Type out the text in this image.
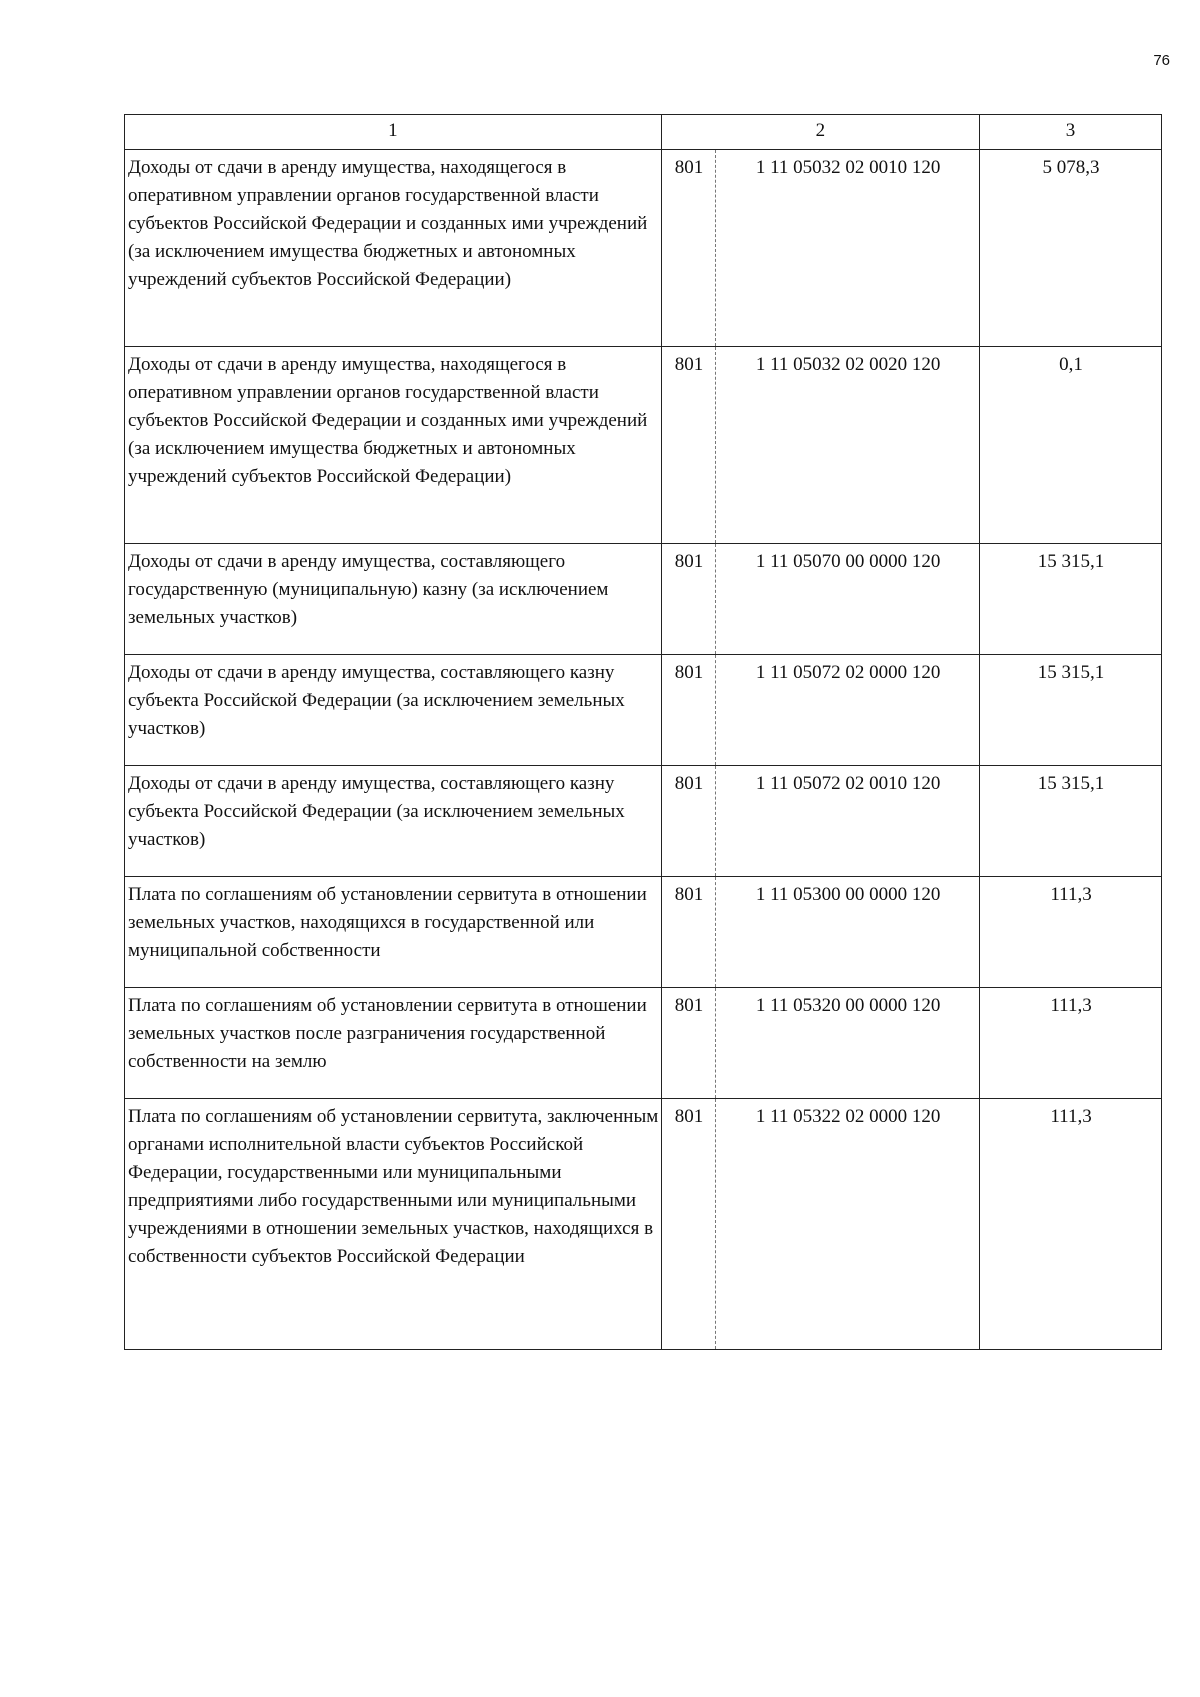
76
1	2		3
Доходы от сдачи в аренду имущества, находящегося в оперативном управлении органов государственной власти субъектов Российской Федерации и созданных ими учреждений (за исключением имущества бюджетных и автономных учреждений субъектов Российской Федерации)	801	1 11 05032 02 0010 120	5 078,3
Доходы от сдачи в аренду имущества, находящегося в оперативном управлении органов государственной власти субъектов Российской Федерации и созданных ими учреждений (за исключением имущества бюджетных и автономных учреждений субъектов Российской Федерации)	801	1 11 05032 02 0020 120	0,1
Доходы от сдачи в аренду имущества, составляющего государственную (муниципальную) казну (за исключением земельных участков)	801	1 11 05070 00 0000 120	15 315,1
Доходы от сдачи в аренду имущества, составляющего казну субъекта Российской Федерации (за исключением земельных участков)	801	1 11 05072 02 0000 120	15 315,1
Доходы от сдачи в аренду имущества, составляющего казну субъекта Российской Федерации (за исключением земельных участков)	801	1 11 05072 02 0010 120	15 315,1
Плата по соглашениям об установлении сервитута в отношении земельных участков, находящихся в государственной или муниципальной собственности	801	1 11 05300 00 0000 120	111,3
Плата по соглашениям об установлении сервитута в отношении земельных участков после разграничения государственной собственности на землю	801	1 11 05320 00 0000 120	111,3
Плата по соглашениям об установлении сервитута, заключенным органами исполнительной власти субъектов Российской Федерации, государственными или муниципальными предприятиями либо государственными или муниципальными учреждениями в отношении земельных участков, находящихся в собственности субъектов Российской Федерации	801	1 11 05322 02 0000 120	111,3
